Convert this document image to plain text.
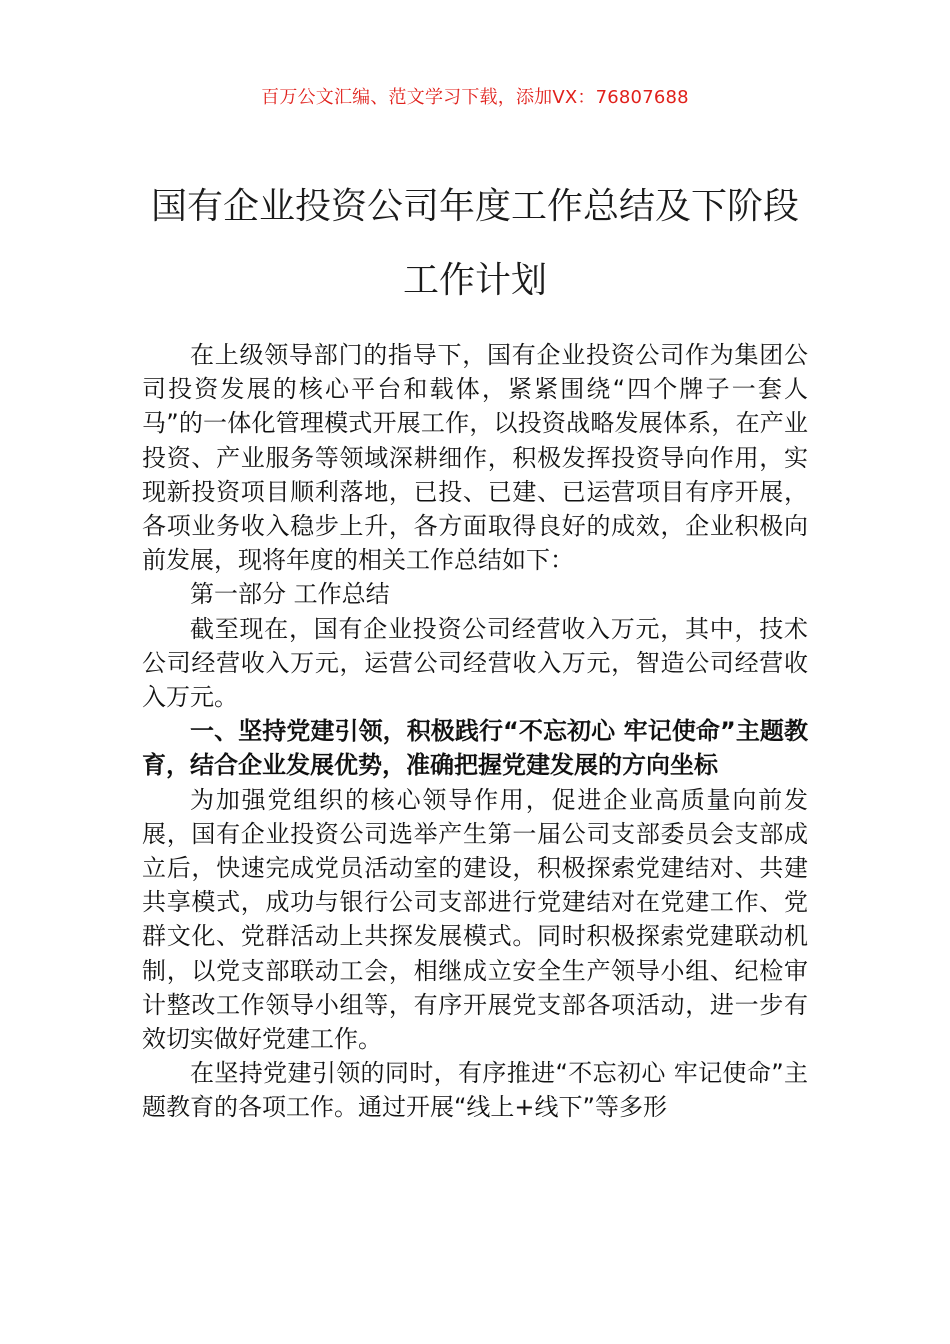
百万公文汇编、范文学习下载，添加VX：76807688
国有企业投资公司年度工作总结及下阶段
工作计划

在上级领导部门的指导下，国有企业投资公司作为集团公司投资发展的核心平台和载体，紧紧围绕“四个牌子一套人马”的一体化管理模式开展工作，以投资战略发展体系，在产业投资、产业服务等领域深耕细作，积极发挥投资导向作用，实现新投资项目顺利落地，已投、已建、已运营项目有序开展，各项业务收入稳步上升，各方面取得良好的成效，企业积极向前发展，现将年度的相关工作总结如下：

第一部分 工作总结

截至现在，国有企业投资公司经营收入万元，其中，技术公司经营收入万元，运营公司经营收入万元，智造公司经营收入万元。

一、坚持党建引领，积极践行“不忘初心 牢记使命”主题教育，结合企业发展优势，准确把握党建发展的方向坐标

为加强党组织的核心领导作用，促进企业高质量向前发展，国有企业投资公司选举产生第一届公司支部委员会支部成立后，快速完成党员活动室的建设，积极探索党建结对、共建共享模式，成功与银行公司支部进行党建结对在党建工作、党群文化、党群活动上共探发展模式。同时积极探索党建联动机制，以党支部联动工会，相继成立安全生产领导小组、纪检审计整改工作领导小组等，有序开展党支部各项活动，进一步有效切实做好党建工作。

在坚持党建引领的同时，有序推进“不忘初心 牢记使命”主题教育的各项工作。通过开展“线上+线下”等多形
